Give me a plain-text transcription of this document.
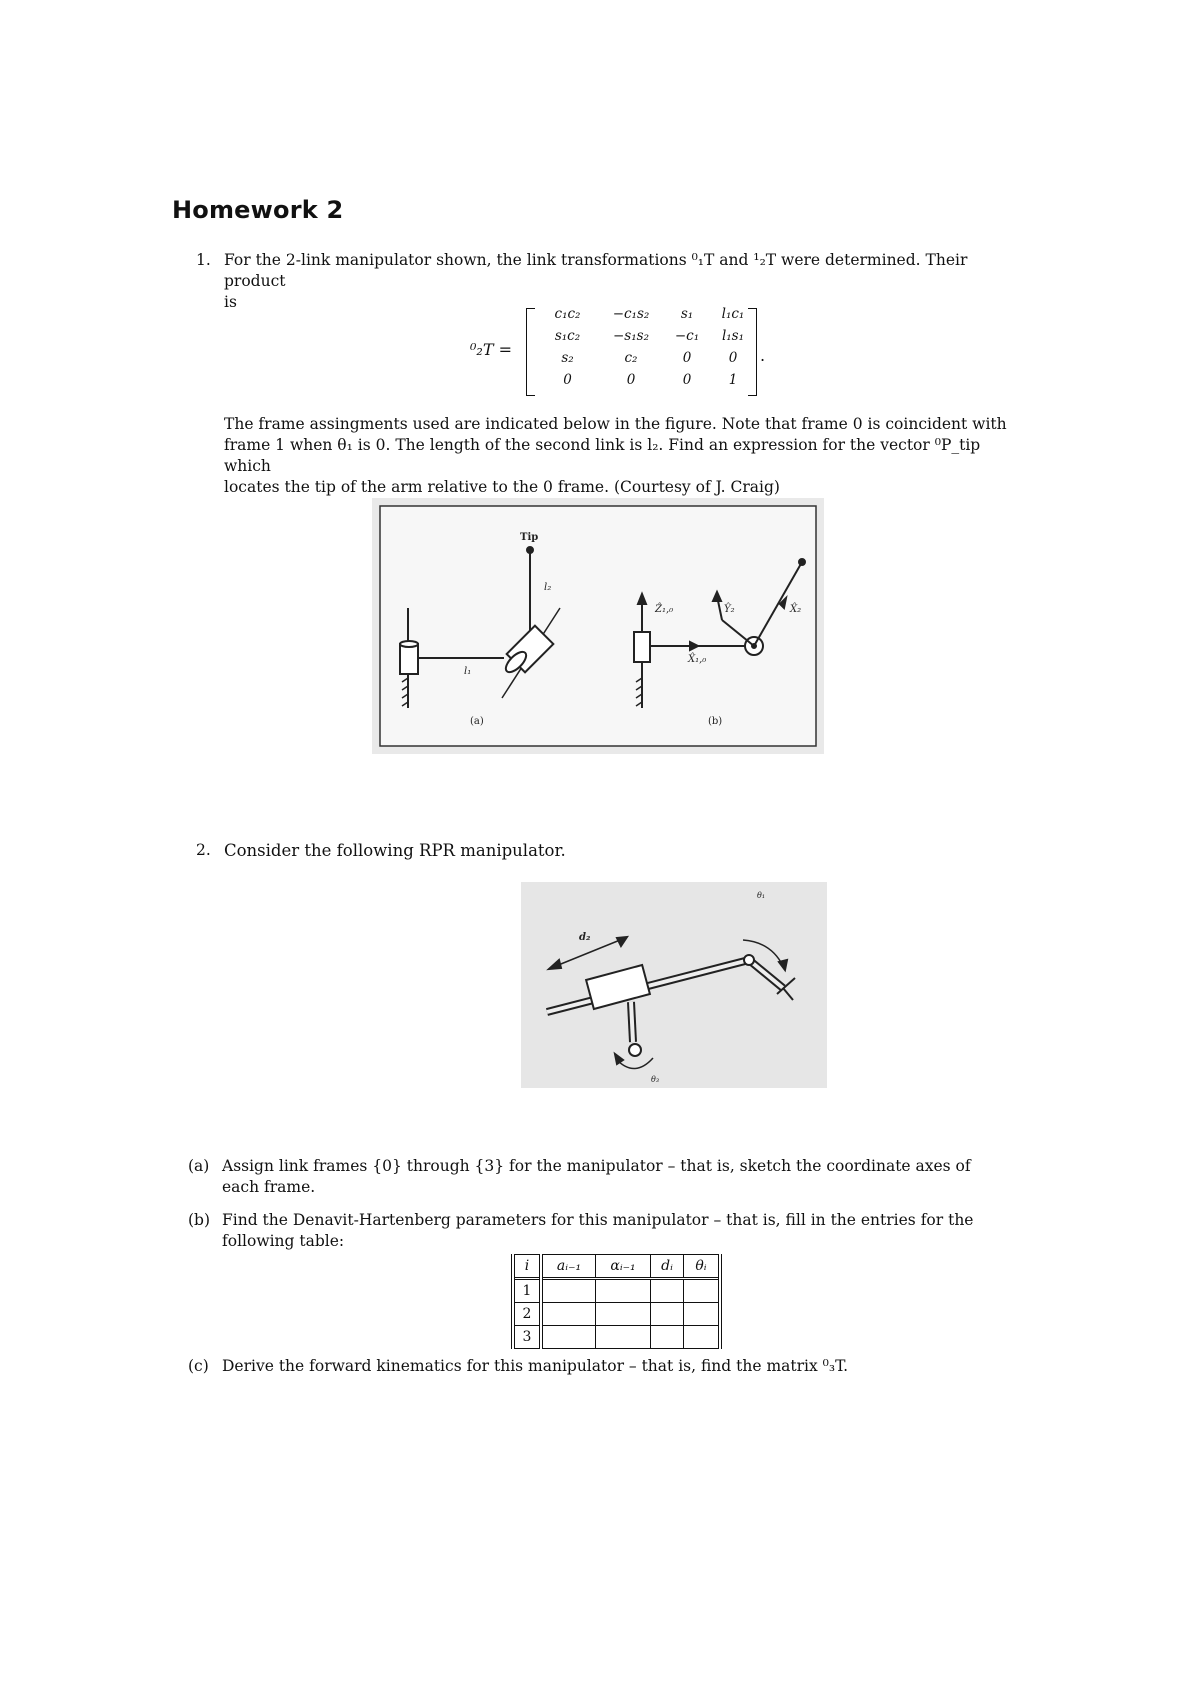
Homework 2
1. For the 2-link manipulator shown, the link transformations ⁰₁T and ¹₂T were determined. Their product
is
⁰₂T =
c₁c₂	−c₁s₂	s₁	l₁c₁
s₁c₂	−s₁s₂	−c₁	l₁s₁
s₂	c₂	0	0
0	0	0	1
.
The frame assingments used are indicated below in the figure. Note that frame 0 is coincident with
frame 1 when θ₁ is 0. The length of the second link is l₂. Find an expression for the vector ⁰P_tip which
locates the tip of the arm relative to the 0 frame. (Courtesy of J. Craig)
Tip
l₂
l₁
(a)
Ẑ₁,₀
X̂₁,₀
Ŷ₂	X̂₂
(b)
2. Consider the following RPR manipulator.
d₂
θ₃
θ₁
(a) Assign link frames {0} through {3} for the manipulator – that is, sketch the coordinate axes of
each frame.
(b) Find the Denavit-Hartenberg parameters for this manipulator – that is, fill in the entries for the
following table:
i	aᵢ₋₁	αᵢ₋₁	dᵢ	θᵢ
1				
2				
3				
(c) Derive the forward kinematics for this manipulator – that is, find the matrix ⁰₃T.
